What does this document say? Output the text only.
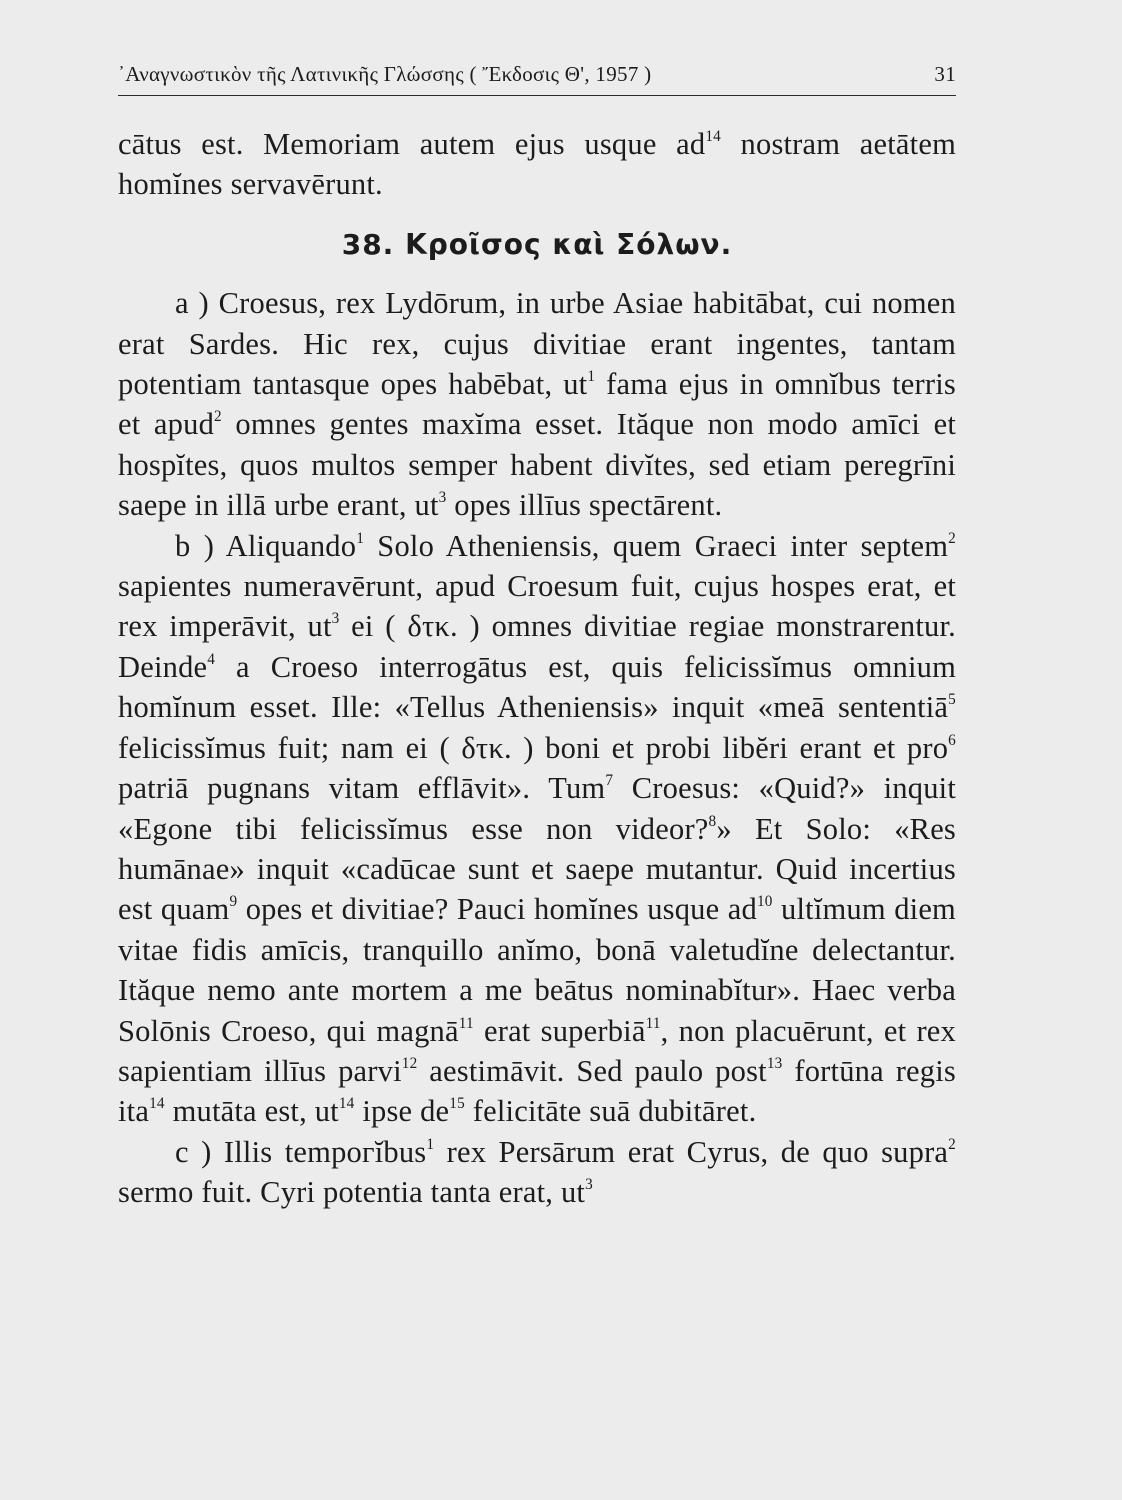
᾿Αναγνωστικὸν τῆς Λατινικῆς Γλώσσης ( Ἔκδοσις Θ', 1957 )	31

cātus est. Memoriam autem ejus usque $ad^{14}$ nostram aetātem homĭnes servavērunt.

38. Κροῖσος καὶ Σόλων.

a ) Croesus, rex Lydōrum, in urbe Asiae habitābat, cui nomen erat Sardes. Hic rex, cujus divitiae erant ingentes, tantam potentiam tantasque opes habēbat, $ut^1$ fama ejus in omnĭbus terris et apud$^2$ omnes gentes maxĭma esset. Ităque non modo amīci et hospĭtes, quos multos semper habent divĭtes, sed etiam peregrīni saepe in illā urbe erant, $ut^3$ opes illīus spectārent.

b ) Aliquando$^1$ Solo Atheniensis, quem Graeci inter septem$^2$ sapientes numeravērunt, apud Croesum fuit, cujus hospes erat, et rex imperāvit, $ut^3$ ei ( δτκ. ) omnes divitiae regiae monstrarentur. Deinde$^4$ a Croeso interrogātus est, quis felicissĭmus omnium homĭnum esset. Ille: «Tellus Atheniensis» inquit «meā sententiā$^5$ felicissĭmus fuit; nam ei ( δτκ. ) boni et probi libĕri erant et pro$^6$ patriā pugnans vitam efflāvit». Tum$^7$ Croesus: «Quid?» inquit «Egone tibi felicissĭmus esse non videor?$^8$» Et Solo: «Res humānae» inquit «cadūcae sunt et saepe mutantur. Quid incertius est quam$^9$ opes et divitiae? Pauci homĭnes usque $ad^{10}$ ultĭmum diem vitae fidis amīcis, tranquillo anĭmo, bonā valetudĭne delectantur. Ităque nemo ante mortem a me beātus nominabĭtur». Haec verba Solōnis Croeso, qui magnā$^{11}$ erat superbiā$^{11}$, non placuērunt, et rex sapientiam illīus parvi$^{12}$ aestimāvit. Sed paulo post$^{13}$ fortūna regis ita$^{14}$ mutāta est, $ut^{14}$ ipse $de^{15}$ felicitāte suā dubitāret.

c ) Illis tempoгĭbus$^1$ rex Persārum erat Cyrus, de quo supra$^2$ sermo fuit. Cyri potentia tanta erat, $ut^3$
